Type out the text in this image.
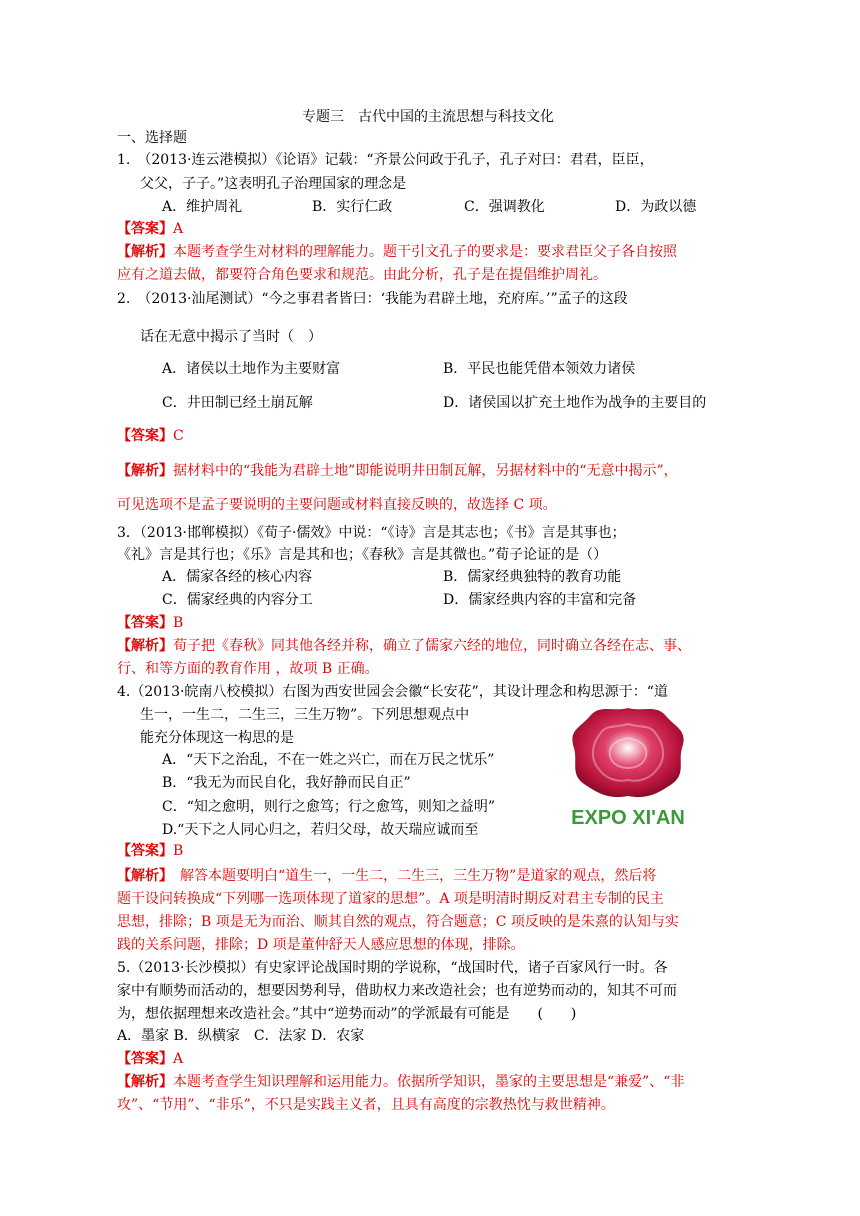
专题三　古代中国的主流思想与科技文化
一、选择题
1.　（2013·连云港模拟）《论语》记载：“齐景公问政于孔子，孔子对曰：君君，臣臣，
父父，子子。”这表明孔子治理国家的理念是
A．维护周礼	B．实行仁政	C．强调教化	D．为政以德
【答案】A
【解析】本题考查学生对材料的理解能力。题干引文孔子的要求是：要求君臣父子各自按照
应有之道去做，都要符合角色要求和规范。由此分析，孔子是在提倡维护周礼。
2.　（2013·汕尾测试）“今之事君者皆曰：‘我能为君辟土地，充府库。’”孟子的这段
话在无意中揭示了当时（　）
A．诸侯以土地作为主要财富	B．平民也能凭借本领效力诸侯
C．井田制已经土崩瓦解	D．诸侯国以扩充土地作为战争的主要目的
【答案】C
【解析】据材料中的“我能为君辟土地”即能说明井田制瓦解，另据材料中的“无意中揭示”，
可见选项不是孟子要说明的主要问题或材料直接反映的，故选择 C 项。
3．（2013·邯郸模拟）《荀子·儒效》中说：“《诗》言是其志也；《书》言是其事也；
《礼》言是其行也；《乐》言是其和也；《春秋》言是其微也。”荀子论证的是（）
A．儒家各经的核心内容	B．儒家经典独特的教育功能
C．儒家经典的内容分工	D．儒家经典内容的丰富和完备
【答案】B
【解析】荀子把《春秋》同其他各经并称，确立了儒家六经的地位，同时确立各经在志、事、
行、和等方面的教育作用 ，故项 B 正确。
4.（2013·皖南八校模拟）右图为西安世园会会徽“长安花”，其设计理念和构思源于：“道
生一，一生二，二生三，三生万物”。下列思想观点中
能充分体现这一构思的是
A．“天下之治乱，不在一姓之兴亡，而在万民之忧乐”
B．“我无为而民自化，我好静而民自正”
C．“知之愈明，则行之愈笃；行之愈笃，则知之益明”
D.“天下之人同心归之，若归父母，故天瑞应诚而至
EXPO XI'AN
【答案】B
【解析】　解答本题要明白“道生一，一生二，二生三，三生万物”是道家的观点，然后将
题干设问转换成“下列哪一选项体现了道家的思想”。A 项是明清时期反对君主专制的民主
思想，排除；B 项是无为而治、顺其自然的观点，符合题意；C 项反映的是朱熹的认知与实
践的关系问题，排除；D 项是董仲舒天人感应思想的体现，排除。
5.（2013·长沙模拟）有史家评论战国时期的学说称，“战国时代，诸子百家风行一时。各
家中有顺势而活动的，想要因势利导，借助权力来改造社会；也有逆势而动的，知其不可而
为，想依据理想来改造社会。”其中“逆势而动”的学派最有可能是　　(　　)
A．墨家 B．纵横家　C．法家 D．农家
【答案】A
【解析】本题考查学生知识理解和运用能力。依据所学知识，墨家的主要思想是“兼爱”、“非
攻”、“节用”、“非乐”，不只是实践主义者，且具有高度的宗教热忱与救世精神。
